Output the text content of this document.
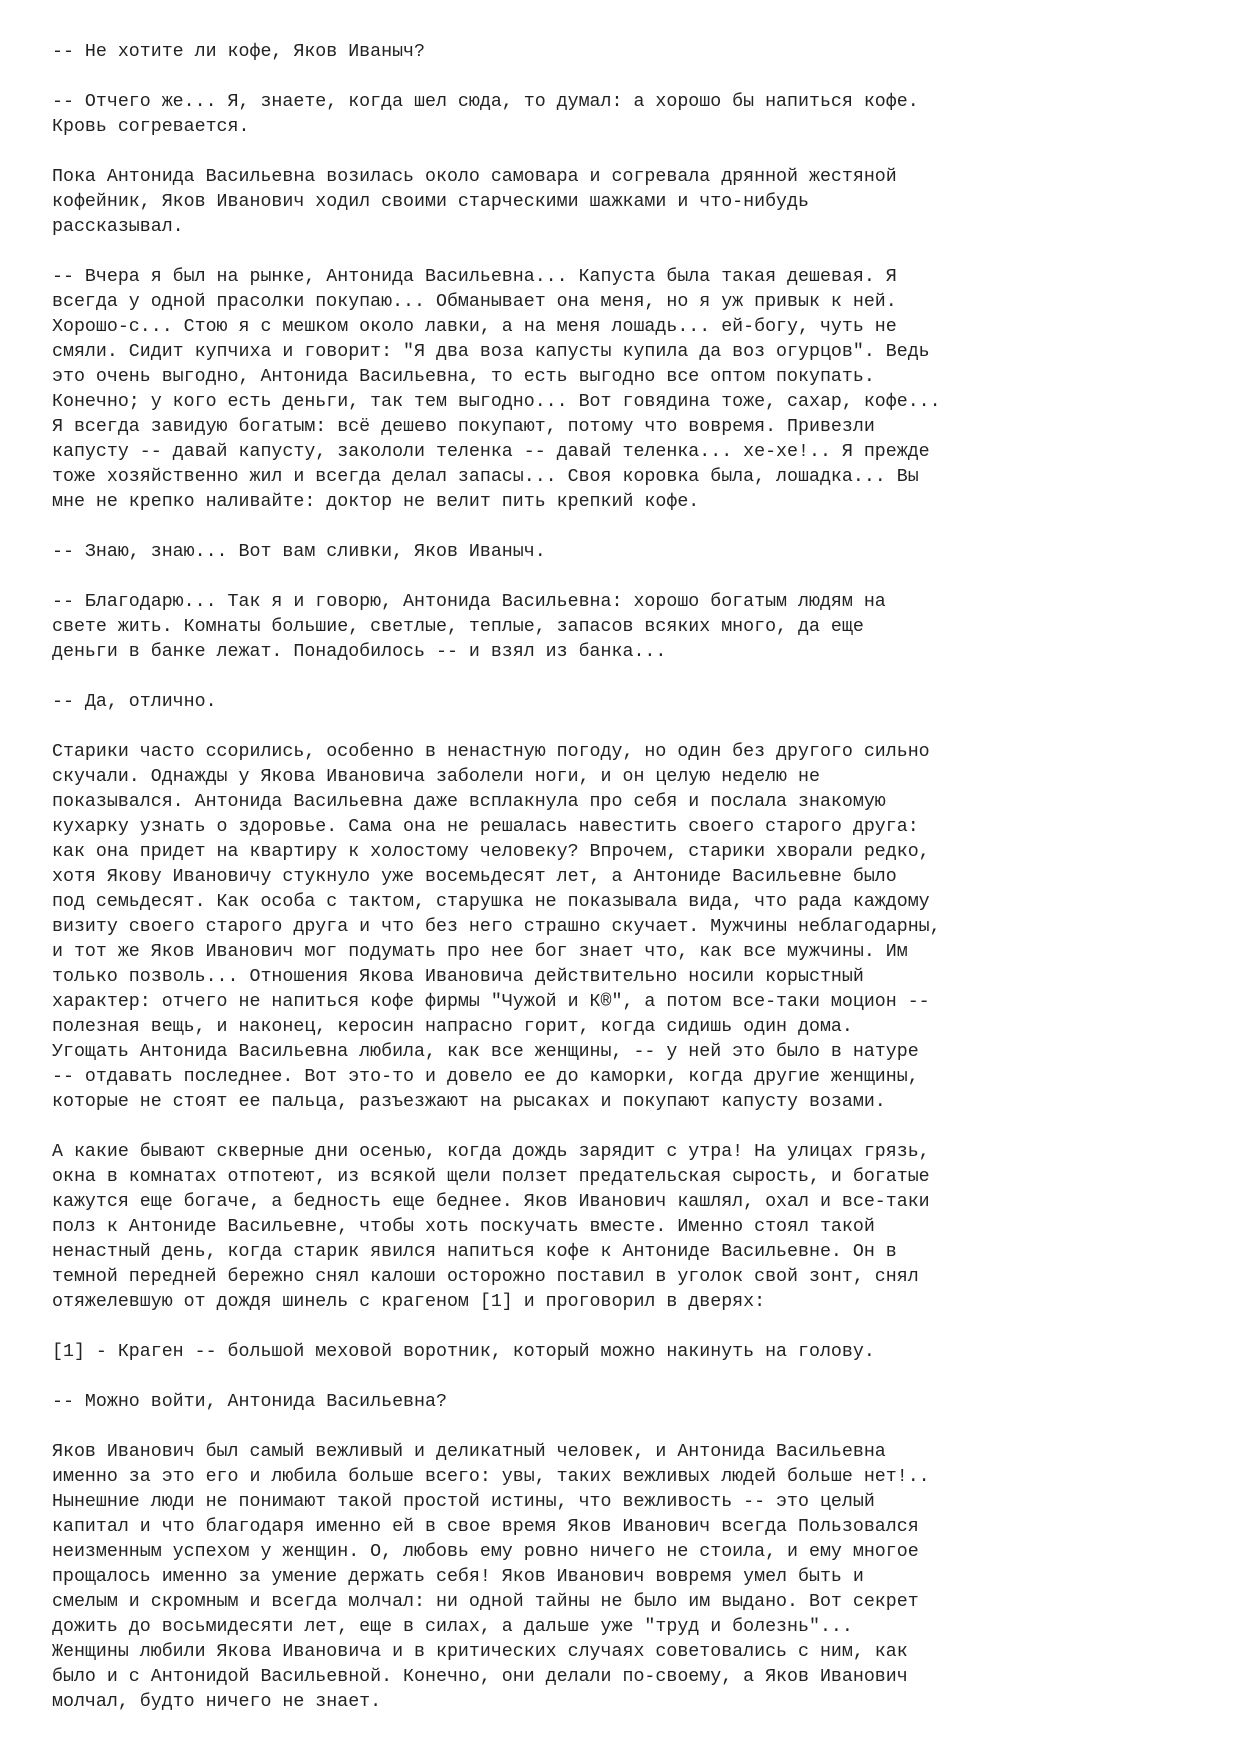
-- Не хотите ли кофе, Яков Иваныч?

-- Отчего же... Я, знаете, когда шел сюда, то думал: а хорошо бы напиться кофе.
Кровь согревается.

Пока Антонида Васильевна возилась около самовара и согревала дрянной жестяной
кофейник, Яков Иванович ходил своими старческими шажками и что-нибудь
рассказывал.

-- Вчера я был на рынке, Антонида Васильевна... Капуста была такая дешевая. Я
всегда у одной прасолки покупаю... Обманывает она меня, но я уж привык к ней.
Хорошо-с... Стою я с мешком около лавки, а на меня лошадь... ей-богу, чуть не
смяли. Сидит купчиха и говорит: "Я два воза капусты купила да воз огурцов". Ведь
это очень выгодно, Антонида Васильевна, то есть выгодно все оптом покупать.
Конечно; у кого есть деньги, так тем выгодно... Вот говядина тоже, сахар, кофе...
Я всегда завидую богатым: всё дешево покупают, потому что вовремя. Привезли
капусту -- давай капусту, закололи теленка -- давай теленка... хе-хе!.. Я прежде
тоже хозяйственно жил и всегда делал запасы... Своя коровка была, лошадка... Вы
мне не крепко наливайте: доктор не велит пить крепкий кофе.

-- Знаю, знаю... Вот вам сливки, Яков Иваныч.

-- Благодарю... Так я и говорю, Антонида Васильевна: хорошо богатым людям на
свете жить. Комнаты большие, светлые, теплые, запасов всяких много, да еще
деньги в банке лежат. Понадобилось -- и взял из банка...

-- Да, отлично.

Старики часто ссорились, особенно в ненастную погоду, но один без другого сильно
скучали. Однажды у Якова Ивановича заболели ноги, и он целую неделю не
показывался. Антонида Васильевна даже всплакнула про себя и послала знакомую
кухарку узнать о здоровье. Сама она не решалась навестить своего старого друга:
как она придет на квартиру к холостому человеку? Впрочем, старики хворали редко,
хотя Якову Ивановичу стукнуло уже восемьдесят лет, а Антониде Васильевне было
под семьдесят. Как особа с тактом, старушка не показывала вида, что рада каждому
визиту своего старого друга и что без него страшно скучает. Мужчины неблагодарны,
и тот же Яков Иванович мог подумать про нее бог знает что, как все мужчины. Им
только позволь... Отношения Якова Ивановича действительно носили корыстный
характер: отчего не напиться кофе фирмы "Чужой и К®", а потом все-таки моцион --
полезная вещь, и наконец, керосин напрасно горит, когда сидишь один дома.
Угощать Антонида Васильевна любила, как все женщины, -- у ней это было в натуре
-- отдавать последнее. Вот это-то и довело ее до каморки, когда другие женщины,
которые не стоят ее пальца, разъезжают на рысаках и покупают капусту возами.

А какие бывают скверные дни осенью, когда дождь зарядит с утра! На улицах грязь,
окна в комнатах отпотеют, из всякой щели ползет предательская сырость, и богатые
кажутся еще богаче, а бедность еще беднее. Яков Иванович кашлял, охал и все-таки
полз к Антониде Васильевне, чтобы хоть поскучать вместе. Именно стоял такой
ненастный день, когда старик явился напиться кофе к Антониде Васильевне. Он в
темной передней бережно снял калоши осторожно поставил в уголок свой зонт, снял
отяжелевшую от дождя шинель с крагеном [1] и проговорил в дверях:

[1] - Краген -- большой меховой воротник, который можно накинуть на голову.

-- Можно войти, Антонида Васильевна?

Яков Иванович был самый вежливый и деликатный человек, и Антонида Васильевна
именно за это его и любила больше всего: увы, таких вежливых людей больше нет!..
Нынешние люди не понимают такой простой истины, что вежливость -- это целый
капитал и что благодаря именно ей в свое время Яков Иванович всегда Пользовался
неизменным успехом у женщин. О, любовь ему ровно ничего не стоила, и ему многое
прощалось именно за умение держать себя! Яков Иванович вовремя умел быть и
смелым и скромным и всегда молчал: ни одной тайны не было им выдано. Вот секрет
дожить до восьмидесяти лет, еще в силах, а дальше уже "труд и болезнь"...
Женщины любили Якова Ивановича и в критических случаях советовались с ним, как
было и с Антонидой Васильевной. Конечно, они делали по-своему, а Яков Иванович
молчал, будто ничего не знает.
